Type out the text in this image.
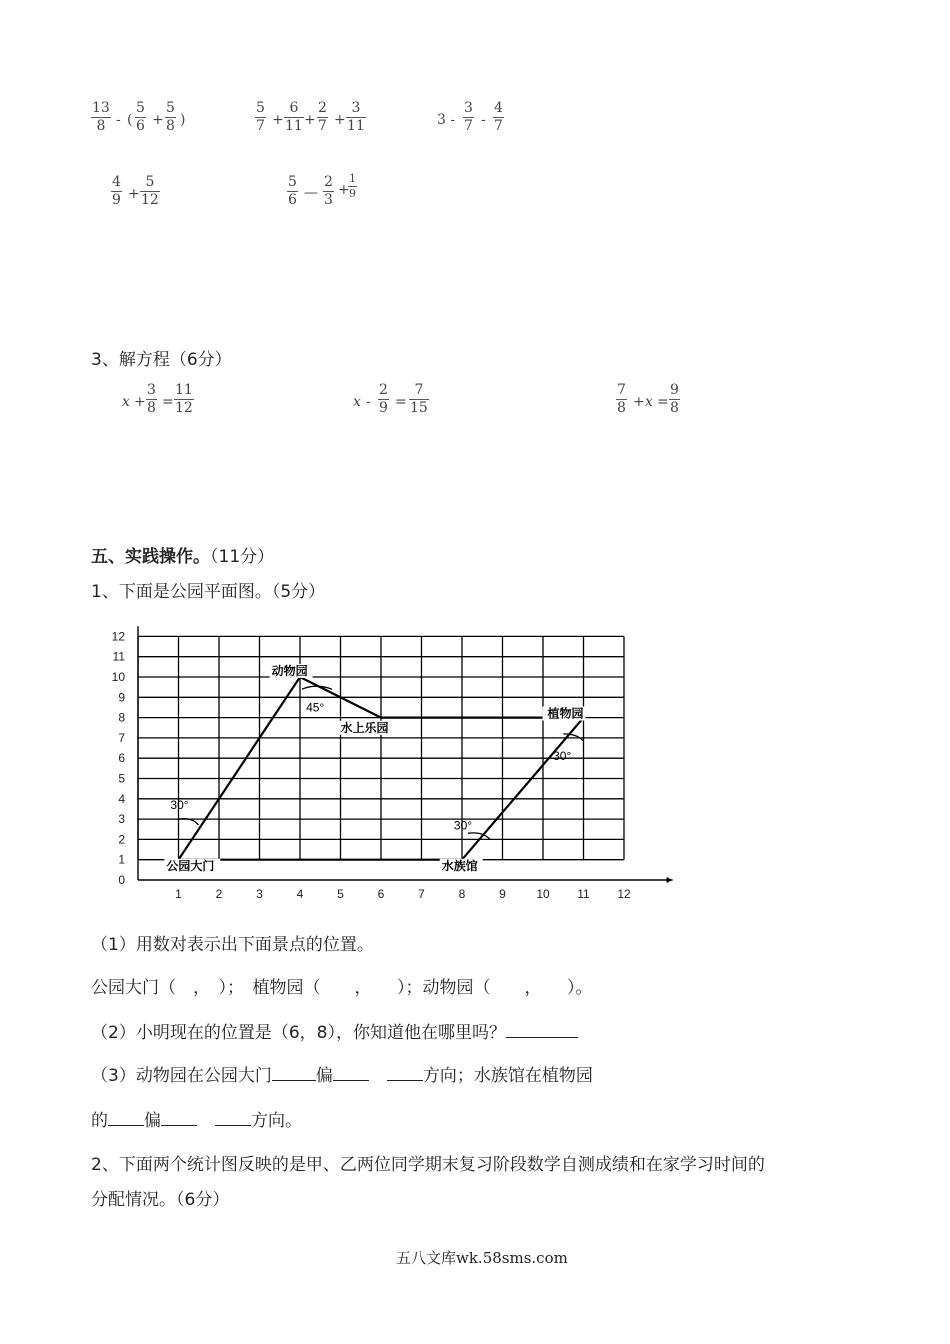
$\frac{13}{8}$ - ( $\frac{5}{6} + \frac{5}{8}$ )	$\frac{5}{7} + \frac{6}{11} + \frac{2}{7} + \frac{3}{11}$	$3 - \frac{3}{7} - \frac{4}{7}$
$\frac{4}{9} + \frac{5}{12}$	$\frac{5}{6}$ — $\frac{2}{3}$ +
$\frac{1}{9}$
3、解方程（6分）
$x + \frac{3}{8} = \frac{11}{12}$	$x - \frac{2}{9} = \frac{7}{15}$	$\frac{7}{8} + x = \frac{9}{8}$
五、实践操作。（11分）
1、下面是公园平面图。（5分）
0
1
2
3
4
5
6
7
8
9
10
11
12
1	2	3	4	5	6	7	8	9	10 11 12
公园大门
动物园
水上乐园
植物园
水族馆
30°
45°
30°
30°
（1）用数对表示出下面景点的位置。
公园大门（　，　）；　植物园（　　，　　）；动物园（　　，　　）。
（2）小明现在的位置是（6，8），你知道他在哪里吗？
（3）动物园在公园大门	偏	方向；水族馆在植物园
的 偏	方向。
2、下面两个统计图反映的是甲、乙两位同学期末复习阶段数学自测成绩和在家学习时间的
分配情况。（6分）
五八文库wk.58sms.com
